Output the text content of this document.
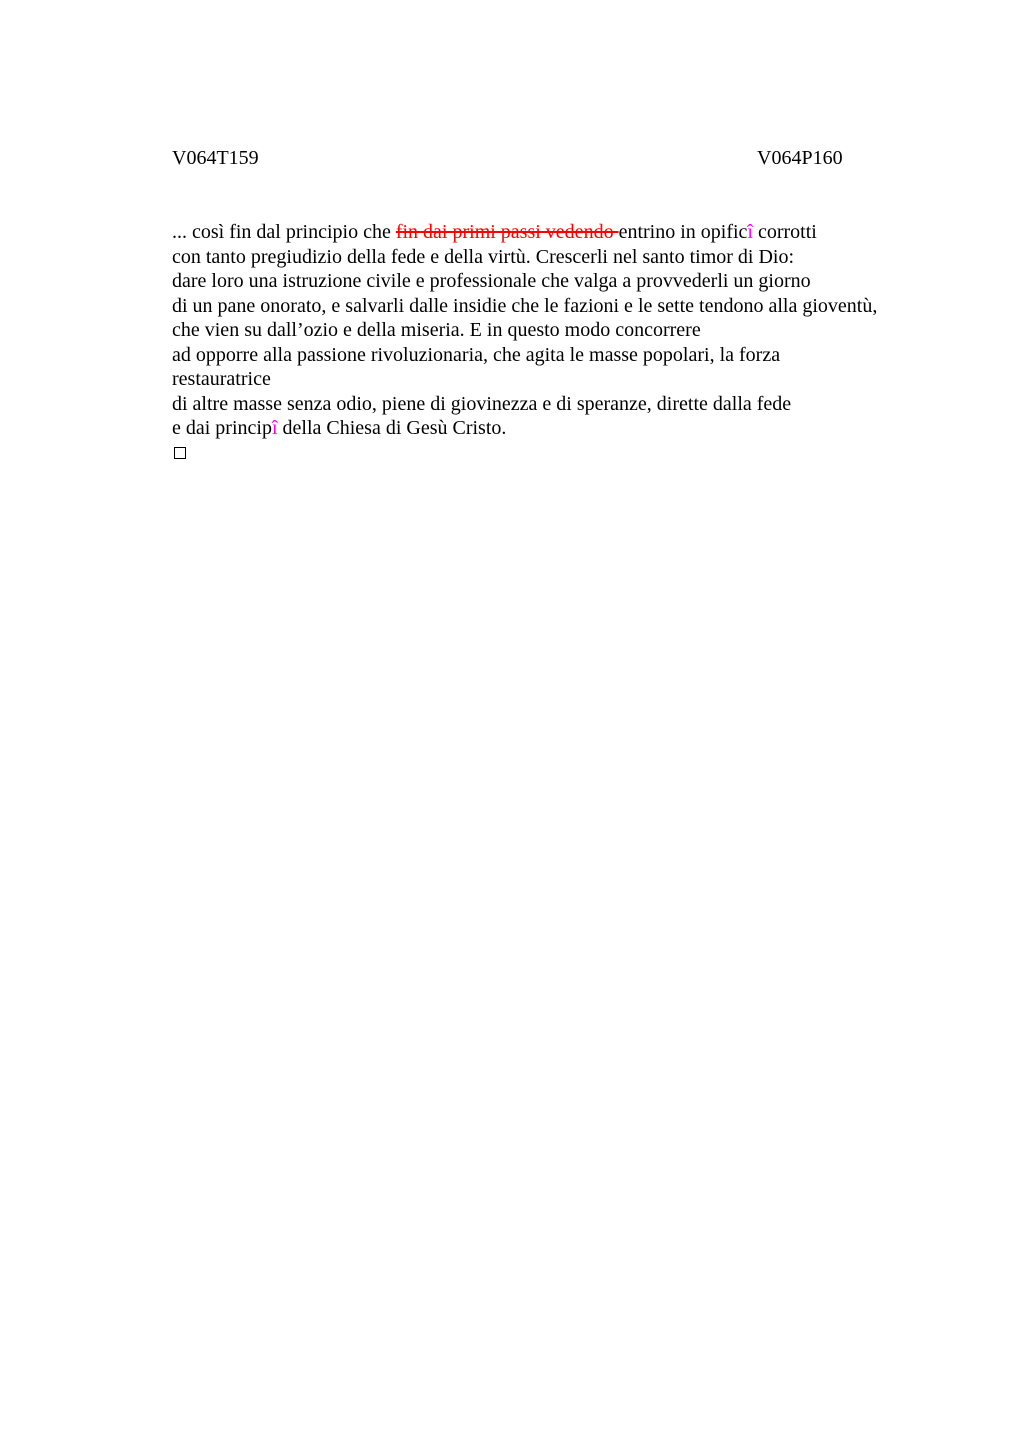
V064T159	V064P160
... così fin dal principio che fin dai primi passi vedendo entrino in opificî corrotti
con tanto pregiudizio della fede e della virtù. Crescerli nel santo timor di Dio:
dare loro una istruzione civile e professionale che valga a provvederli un giorno
di un pane onorato, e salvarli dalle insidie che le fazioni e le sette tendono alla gioventù,
che vien su dall’ozio e della miseria. E in questo modo concorrere
ad opporre alla passione rivoluzionaria, che agita le masse popolari, la forza
restauratrice
di altre masse senza odio, piene di giovinezza e di speranze, dirette dalla fede
e dai principî della Chiesa di Gesù Cristo.
